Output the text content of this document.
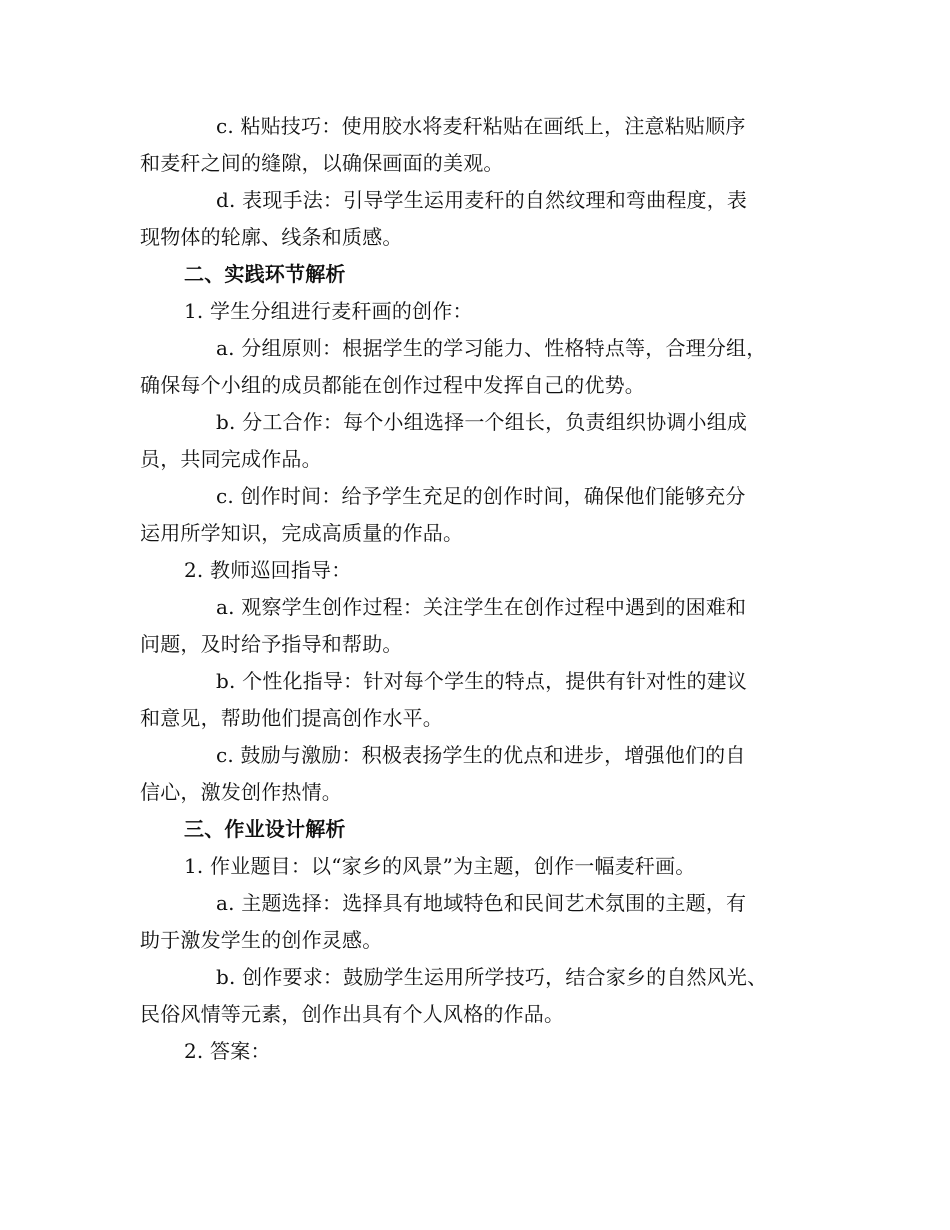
c. 粘贴技巧：使用胶水将麦秆粘贴在画纸上，注意粘贴顺序
和麦秆之间的缝隙，以确保画面的美观。
d. 表现手法：引导学生运用麦秆的自然纹理和弯曲程度，表
现物体的轮廓、线条和质感。
二、实践环节解析
1. 学生分组进行麦秆画的创作：
a. 分组原则：根据学生的学习能力、性格特点等，合理分组，
确保每个小组的成员都能在创作过程中发挥自己的优势。
b. 分工合作：每个小组选择一个组长，负责组织协调小组成
员，共同完成作品。
c. 创作时间：给予学生充足的创作时间，确保他们能够充分
运用所学知识，完成高质量的作品。
2. 教师巡回指导：
a. 观察学生创作过程：关注学生在创作过程中遇到的困难和
问题，及时给予指导和帮助。
b. 个性化指导：针对每个学生的特点，提供有针对性的建议
和意见，帮助他们提高创作水平。
c. 鼓励与激励：积极表扬学生的优点和进步，增强他们的自
信心，激发创作热情。
三、作业设计解析
1. 作业题目：以“家乡的风景”为主题，创作一幅麦秆画。
a. 主题选择：选择具有地域特色和民间艺术氛围的主题，有
助于激发学生的创作灵感。
b. 创作要求：鼓励学生运用所学技巧，结合家乡的自然风光、
民俗风情等元素，创作出具有个人风格的作品。
2. 答案：
